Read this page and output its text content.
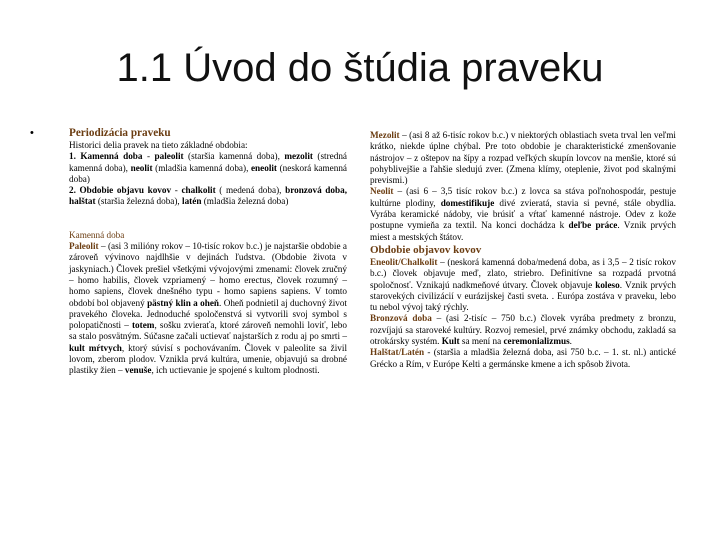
1.1 Úvod do štúdia praveku
•	Periodizácia praveku

Historici delia pravek na tieto základné obdobia:

1. Kamenná doba - paleolit (staršia kamenná doba), mezolit (stredná kamenná doba), neolit (mladšia kamenná doba), eneolit (neskorá kamenná doba)

2. Obdobie objavu kovov - chalkolit ( medená doba), bronzová doba, halštat (staršia železná doba), latén (mladšia železná doba)

Kamenná doba

Paleolit – (asi 3 milióny rokov – 10-tisíc rokov b.c.) je najstaršie obdobie a zároveň vývinovo najdlhšie v dejinách ľudstva. (Obdobie života v jaskyniach.) Človek prešiel všetkými vývojovými zmenami: človek zručný – homo habilis, človek vzpriamený – homo erectus, človek rozumný – homo sapiens, človek dnešného typu - homo sapiens sapiens. V tomto období bol objavený pästný klin a oheň. Oheň podnietil aj duchovný život pravekého človeka. Jednoduché spoločenstvá si vytvorili svoj symbol s polopatičnosti – totem, sošku zvieraťa, ktoré zároveň nemohli loviť, lebo sa stalo posvätným. Súčasne začali uctievať najstarších z rodu aj po smrti – kult mŕtvych, ktorý súvisí s pochovávaním. Človek v paleolite sa živil lovom, zberom plodov. Vznikla prvá kultúra, umenie, objavujú sa drobné plastiky žien – venuše, ich uctievanie je spojené s kultom plodnosti.

Mezolit – (asi 8 až 6-tisíc rokov b.c.) v niektorých oblastiach sveta trval len veľmi krátko, niekde úplne chýbal. Pre toto obdobie je charakteristické zmenšovanie nástrojov – z oštepov na šípy a rozpad veľkých skupín lovcov na menšie, ktoré sú pohyblivejšie a ľahšie sledujú zver. (Zmena klímy, oteplenie, život pod skalnými prevismi.)

Neolit – (asi 6 – 3,5 tisíc rokov b.c.) z lovca sa stáva poľnohospodár, pestuje kultúrne plodiny, domestifikuje divé zvieratá, stavia si pevné, stále obydlia. Vyrába keramické nádoby, vie brúsiť a vŕtať kamenné nástroje. Odev z kože postupne vymieňa za textil. Na konci dochádza k deľbe práce. Vznik prvých miest a mestských štátov.

Obdobie objavov kovov

Eneolit/Chalkolit – (neskorá kamenná doba/medená doba, as i 3,5 – 2 tisíc rokov b.c.) človek objavuje meď, zlato, striebro. Definitívne sa rozpadá prvotná spoločnosť. Vznikajú nadkmeňové útvary. Človek objavuje koleso. Vznik prvých starovekých civilizácií v eurázijskej časti sveta. . Európa zostáva v praveku, lebo tu nebol vývoj taký rýchly.

Bronzová doba – (asi 2-tisíc – 750 b.c.) človek vyrába predmety z bronzu, rozvíjajú sa staroveké kultúry. Rozvoj remesiel, prvé známky obchodu, zakladá sa otrokársky systém. Kult sa mení na ceremonializmus.

Halštat/Latén - (staršia a mladšia železná doba, asi 750 b.c. – 1. st. nl.) antické Grécko a Rím, v Európe Kelti a germánske kmene a ich spôsob života.
